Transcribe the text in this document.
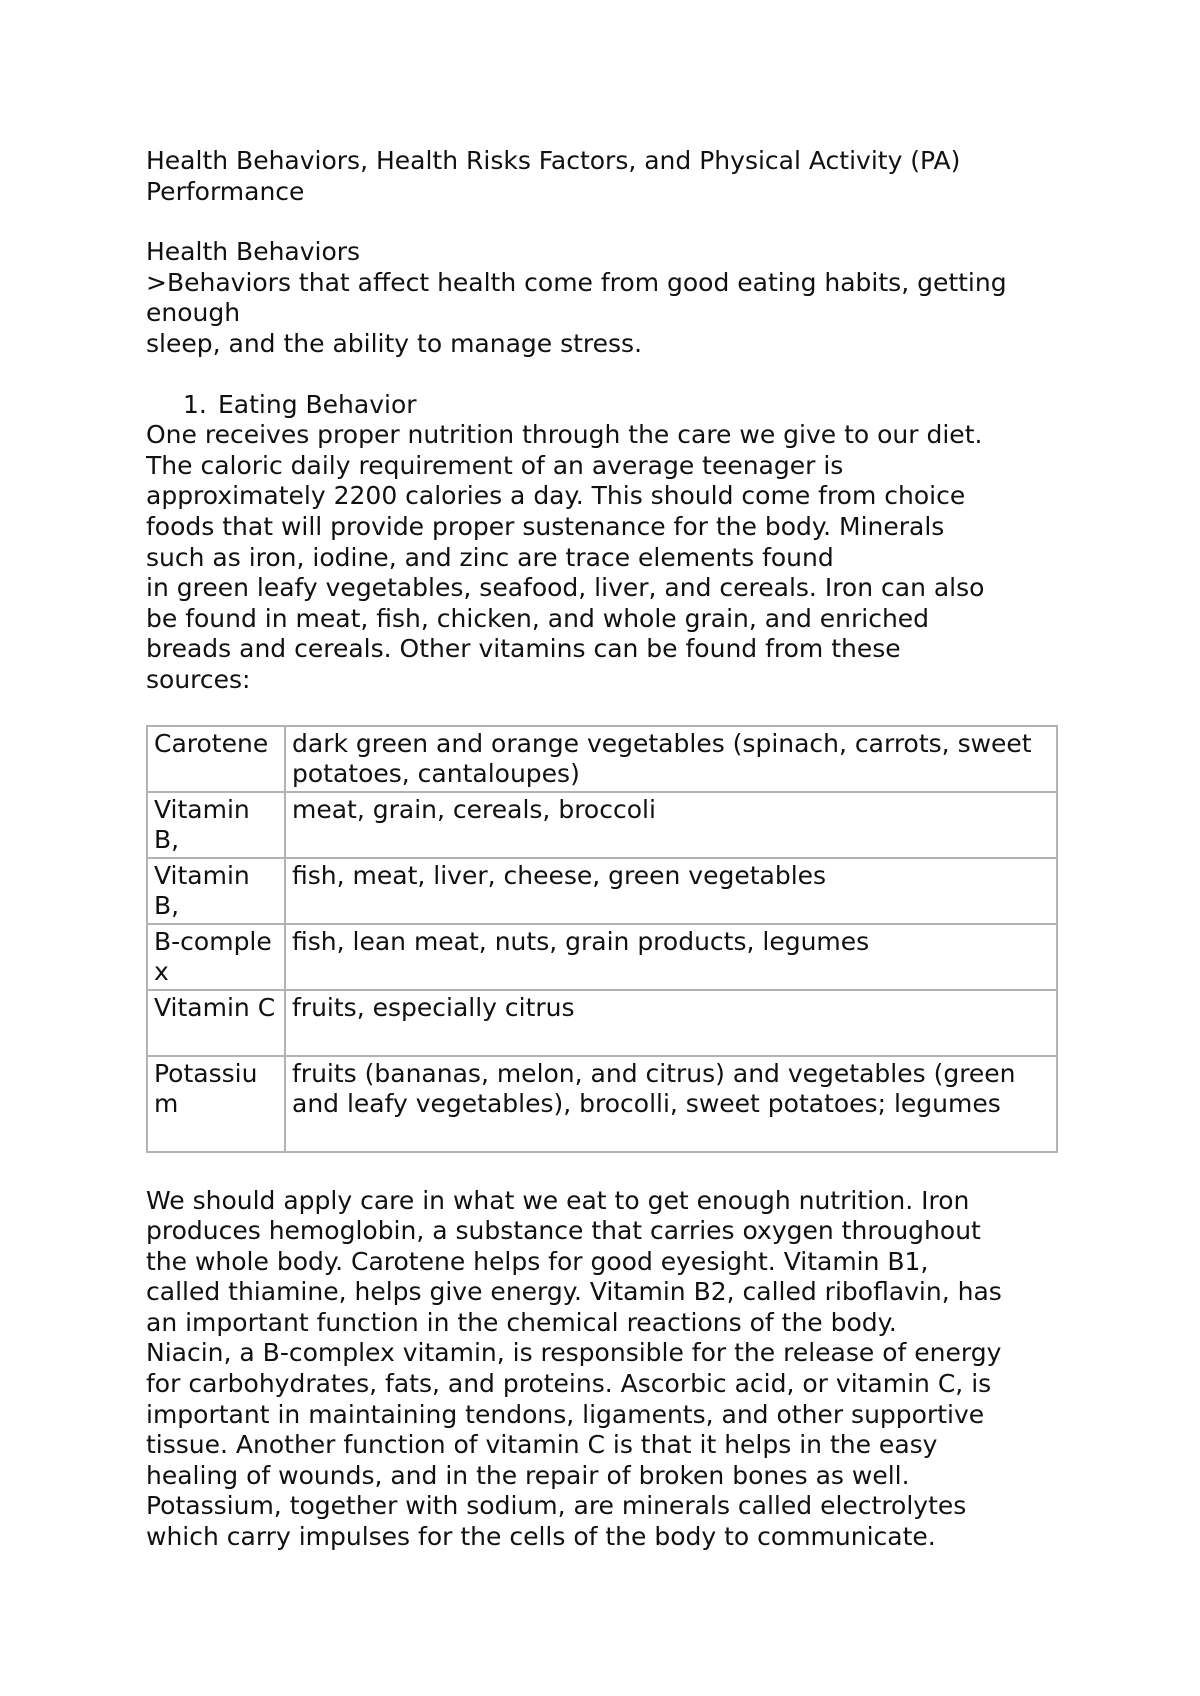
Health Behaviors, Health Risks Factors, and Physical Activity (PA)
Performance
Health Behaviors
>Behaviors that affect health come from good eating habits, getting
enough
sleep, and the ability to manage stress.
1. Eating Behavior
One receives proper nutrition through the care we give to our diet.
The caloric daily requirement of an average teenager is
approximately 2200 calories a day. This should come from choice
foods that will provide proper sustenance for the body. Minerals
such as iron, iodine, and zinc are trace elements found
in green leafy vegetables, seafood, liver, and cereals. Iron can also
be found in meat, fish, chicken, and whole grain, and enriched
breads and cereals. Other vitamins can be found from these
sources:
Carotene	dark green and orange vegetables (spinach, carrots, sweet potatoes, cantaloupes)
Vitamin B,	meat, grain, cereals, broccoli
Vitamin B,	fish, meat, liver, cheese, green vegetables
B-complex	fish, lean meat, nuts, grain products, legumes
Vitamin C	fruits, especially citrus
Potassium	fruits (bananas, melon, and citrus) and vegetables (green and leafy vegetables), brocolli, sweet potatoes; legumes
We should apply care in what we eat to get enough nutrition. Iron
produces hemoglobin, a substance that carries oxygen throughout
the whole body. Carotene helps for good eyesight. Vitamin B1,
called thiamine, helps give energy. Vitamin B2, called riboflavin, has
an important function in the chemical reactions of the body.
Niacin, a B-complex vitamin, is responsible for the release of energy
for carbohydrates, fats, and proteins. Ascorbic acid, or vitamin C, is
important in maintaining tendons, ligaments, and other supportive
tissue. Another function of vitamin C is that it helps in the easy
healing of wounds, and in the repair of broken bones as well.
Potassium, together with sodium, are minerals called electrolytes
which carry impulses for the cells of the body to communicate.
